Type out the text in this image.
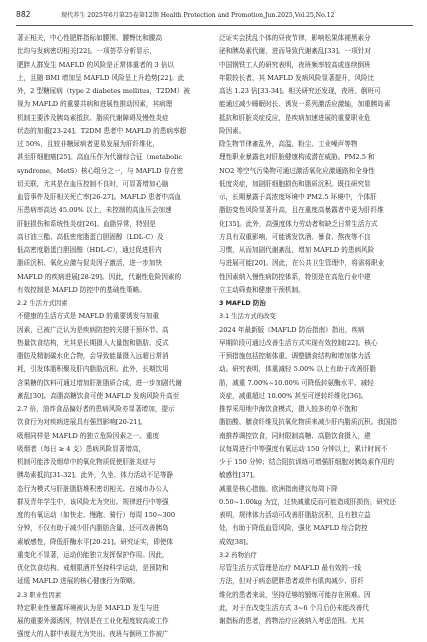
882	现代养生 2025年6月第25卷第12期 Health Protection and Promotion,Jun.2025,Vol.25,No.12
著正相关，中心性肥胖指标如腰围、腰臀比和腰高
比均与发病密切相关[22]。一项荟萃分析显示，
肥胖人群发生 MAFLD 的风险是正常体重者的 3 倍以
上，且随 BMI 增加呈 MAFLD 风险呈上升趋势[22]。此
外，2 型糖尿病（type 2 diabetes mellitus，T2DM）被
视为 MAFLD 的重要共病和进展性推动因素，其病理
机制主要涉及胰岛素抵抗、脂质代谢障碍及慢性炎症
状态的加重[23-24]。T2DM 患者中 MAFLD 的患病率超
过 50%，且较非糖尿病者更易发展为肝纤维化，
甚至肝细胞癌[25]。高血压作为代谢综合征（metabolic
syndrome，MetS）核心组分之一，与 MAFLD 存在密
切关联，尤其是在血压控制不良时，可显著增加心脑
血管事件及肝相关死亡率[26-27]。MAFLD 患者中高血
压患病率高达 45.00% 以上，未控制的高血压会加速
肝脏损伤和系统性炎症[26]。血脂异常，特别是
高甘油三酯、高低密度脂蛋白胆固醇（LDL-C）及
低高密度脂蛋白胆固醇（HDL-C），通过促进肝内
脂质沉积、氧化应激与促炎因子激活，进一步加快
MAFLD 的疾病进展[28-29]。因此，代谢性危险因素的
有效控制是 MAFLD 防控中的基础性策略。
2.2 生活方式因素
不健康的生活方式是 MAFLD 的重要诱发与加重
因素，已被广泛认为是疾病防控的关键干预环节。高
热量饮食结构，尤其是长期摄入大量饱和脂肪、反式
脂肪及精制碳水化合物，会导致能量摄入远超日常消
耗，引发体脂积聚及肝内脂肪沉积。此外，长期饮用
含果糖的饮料可通过增加肝脏脂质合成，进一步加剧代谢
紊乱[30]。高脂高糖饮食可使 MAFLD 发病风险升高至
2.7 倍，油炸食品偏好者的患病风险亦显著增加，提示
饮食行为对疾病进展具有强烈影响[20-21]。
吸烟同样是 MAFLD 的独立危险因素之一。重度
吸烟者（每日 ≥ 4 支）患病风险显著增高，
机制可能涉及烟草中的氧化物质促使肝脏炎症与
胰岛素抵抗[31-32]。此外，久坐、体力活动不足等静
态行为模式与肝脏脂肪堆积密切相关。在城市办公人
群及青年学生中，该风险尤为突出。规律进行中等强
度的有氧运动（如快走、慢跑、骑行）每周 150~300
分钟，不仅有助于减少肝内脂肪含量，还可改善胰岛
素敏感性，降低肝酶水平[20-21]。研究证实，即使体
重变化不显著，运动仍能独立发挥保护作用。因此，
优化饮食结构、戒烟限酒并坚持科学运动，是预防和
延缓 MAFLD 进展的核心健康行为策略。
2.3 职业性因素
特定职业性暴露环境被认为是 MAFLD 发生与进
展的重要外源诱因，特别是在工业化程度较高或工作
强度大的人群中表现尤为突出。夜班与倒班工作被广
泛证实会扰乱个体的昼夜节律，影响松果体褪黑素分
泌和胰岛素代谢，进而导致代谢紊乱[33]。一项针对
中国钢铁工人的研究表明，夜班频率较高或连续倒班
年限较长者，其 MAFLD 发病风险显著提升，风险比
高达 1.23 倍[33-34]。相关研究还发现，夜班、倒班可
能通过减少睡眠时长、诱发一系列激活应激轴，加重胰岛素
抵抗和肝脏炎症反应，是疾病加速进展的重要职业危
险因素。
除生物节律紊乱外，高温、粉尘、工业噪声等物
理性职业暴露也对肝脏健康构成潜在威胁。PM2.5 和
NO2 等空气污染物可通过激活氧化应激通路和全身性
低度炎症，加剧肝细胞损伤和脂质沉积。既往研究显
示，长期暴露于高浓度环境中 PM2.5 环境中，个体肝
脂肪变性风险显著升高，且在重度高暴露者中更为肝纤维
化[35]。此外，高强度体力劳动者和缺乏日常生活方式
方具有双重影响，可能诱发饮酒、暴食、熬夜等不良
习惯，从而加剧代谢紊乱，增加 MAFLD 的患病风险
与进展可能[20]。因此，在公共卫生管理中，将需将职业
性因素纳入慢性病防控体系，特别是在高危行业中建
立主动筛查和健康干预机制。
3 MAFLD 防治
3.1 生活方式的改变
2024 年最新版《MAFLD 防治指南》指出，疾病
早期阶段可通过改善生活方式实现有效控制[22]。核心
干预措施包括控制体重、调整膳食结构和增加体力活
动。研究表明，体重减轻 5.00% 以上有助于改善肝脂
肪，减重 7.00%~10.00% 可降低转氨酶水平、减轻
炎症，减重超过 10.00% 甚至可逆转纤维化[36]。
推荐采用地中海饮食模式，摄入较多的单不饱和
脂肪酸、膳食纤维及抗氧化物质来减少肝内脂质沉积。我国指
南推荐调控饮食，同时限制高糖、高脂饮食摄入，建
议每周进行中等强度有氧运动 150 分钟以上，累计时间不
少于 150 分钟；结合阻抗训练可增强肝细胞对胰岛素作用的
敏感性[37]。
减重是核心措施。欧洲指南建议每周下降
0.50~1.00kg 为宜，过快减重反而可能造成肝损伤，研究还
表明，规律体力活动可改善肝脂肪沉积，且有独立益
处，有助于降低血管风险，强化 MAFLD 综合防控
成效[38]。
3.2 药物治疗
尽管生活方式管理是治疗 MAFLD 最有效的一线
方法，但对于病态肥胖患者或伴有肌肉减少、肝纤
维化的患者来说，坚持足够的锻炼可能存在困难。因
此，对于在改变生活方式 3~6 个月后仍未能改善代
谢指标的患者，药物治疗应被纳入考虑范围。尤其
